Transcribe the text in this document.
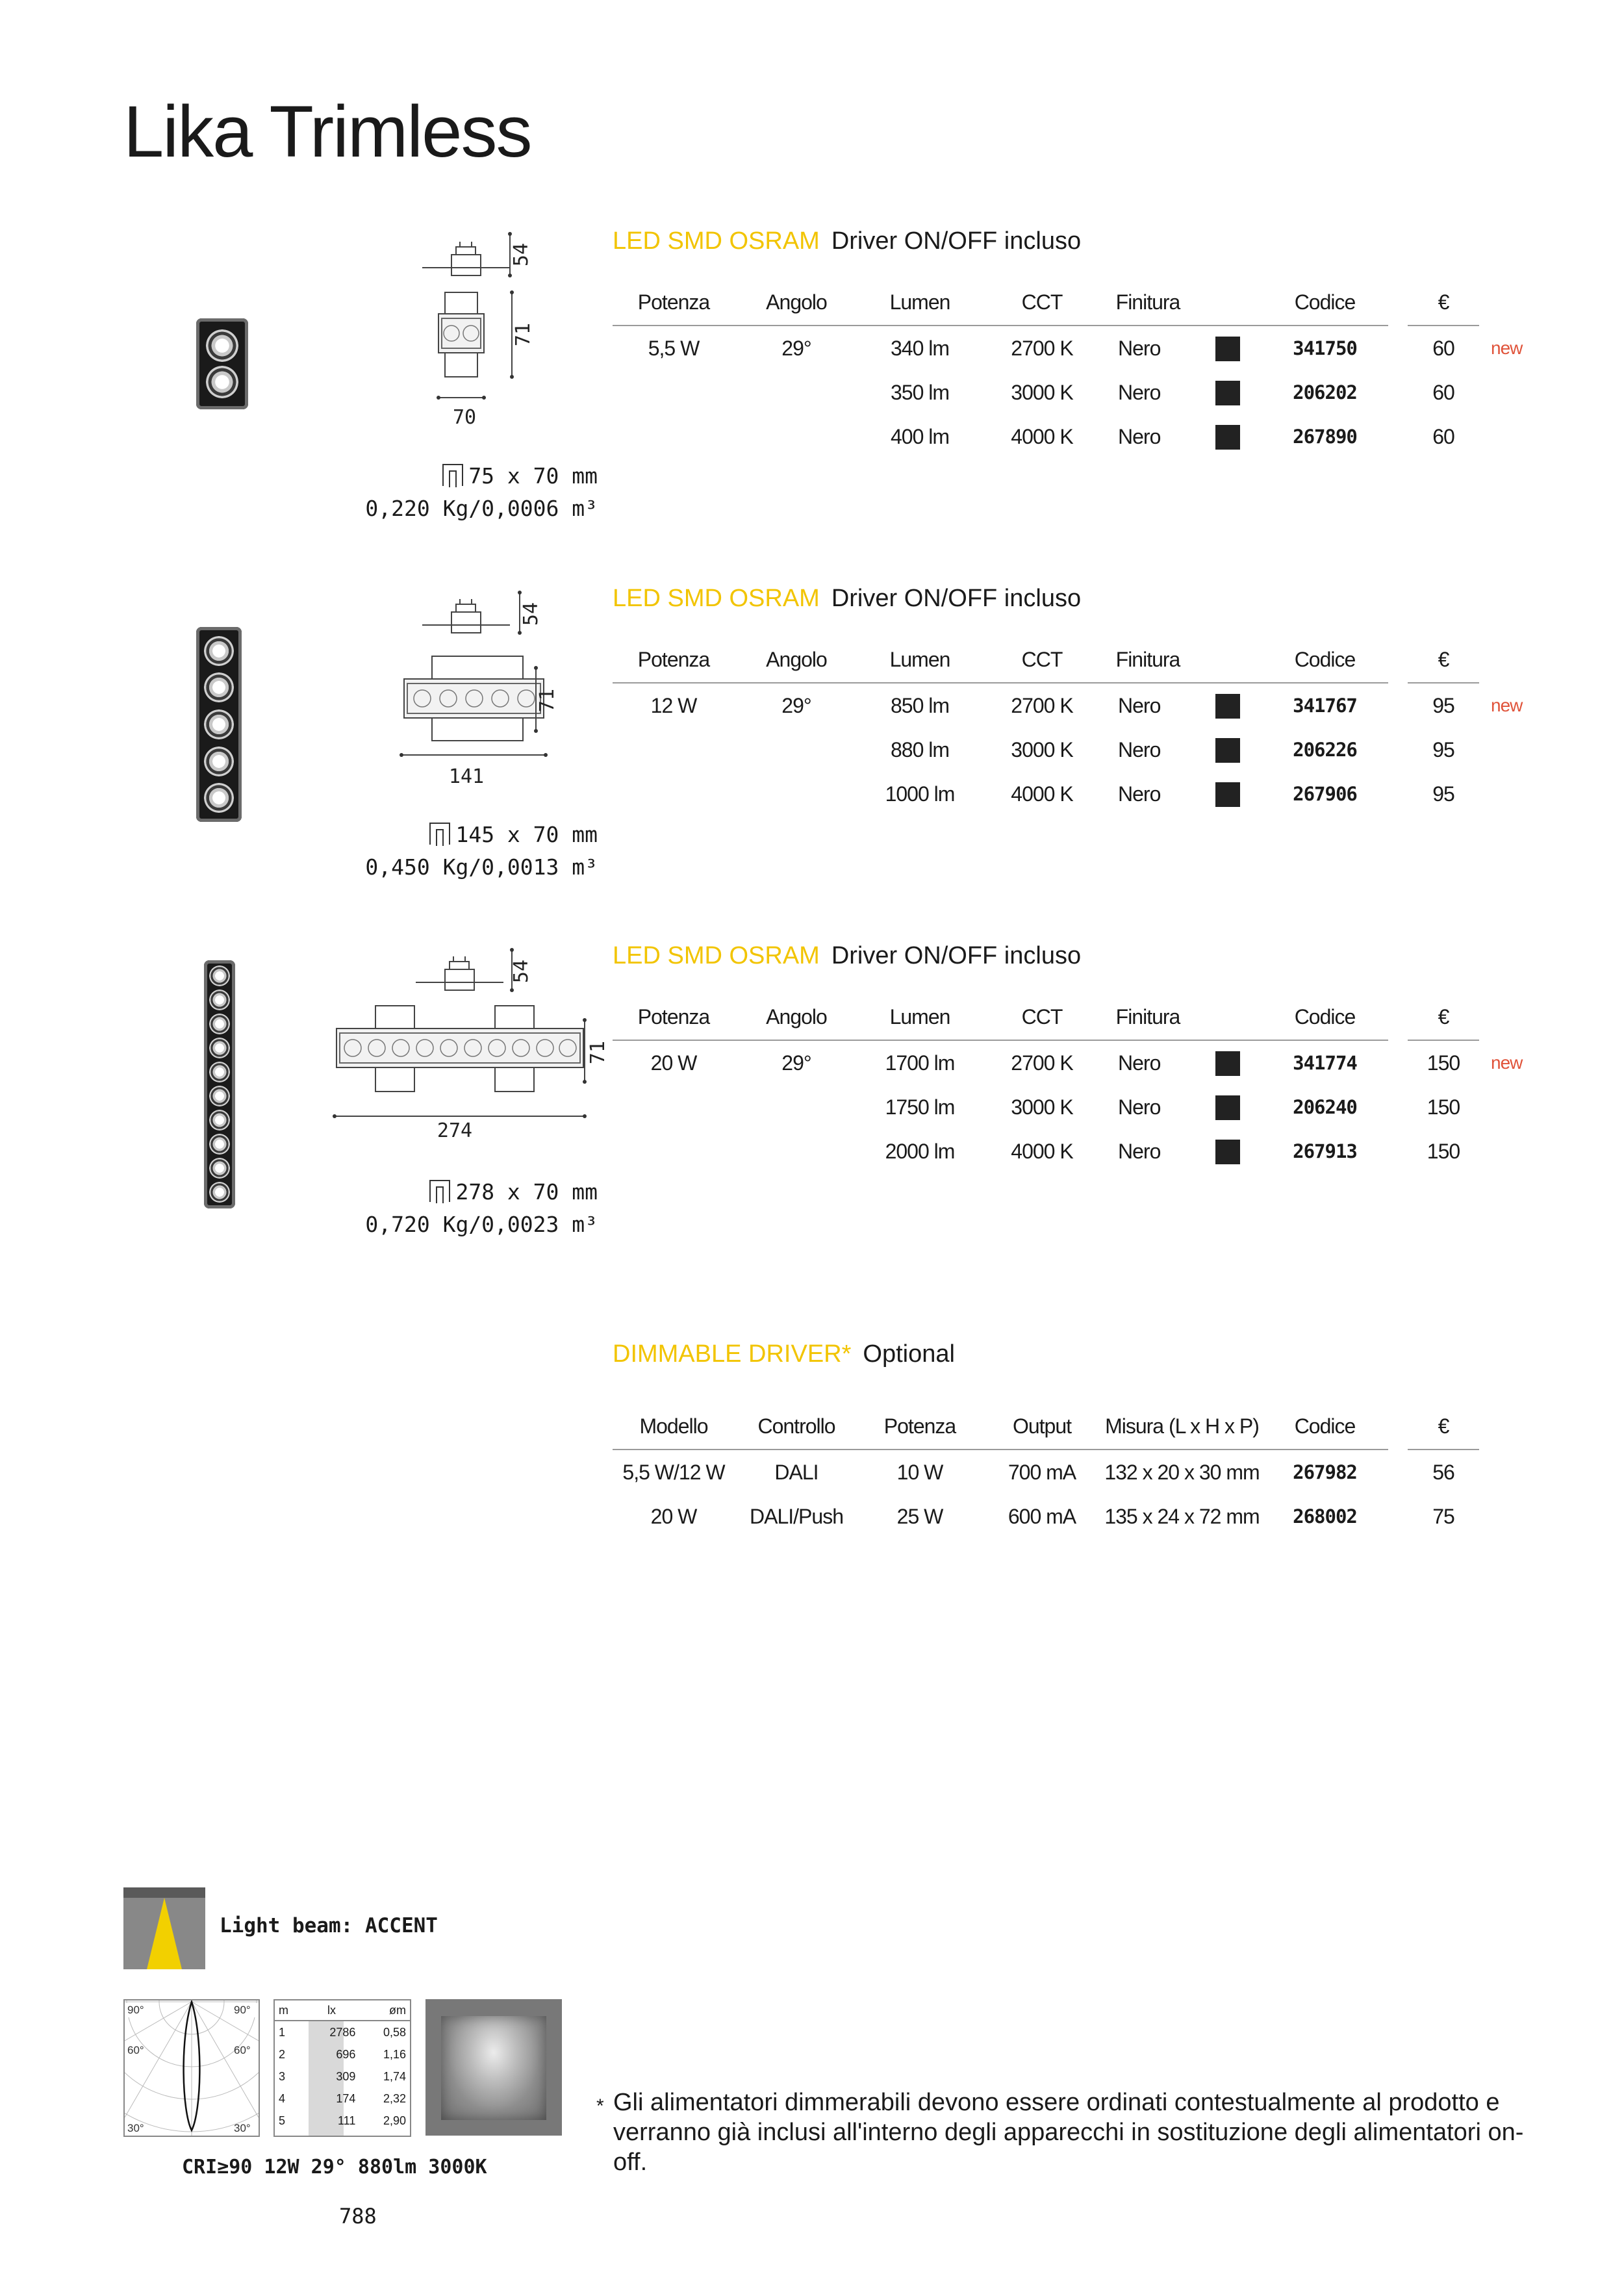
Lika Trimless
54
71
70
75 x 70 mm
0,220 Kg/0,0006 m³
LED SMD OSRAM Driver ON/OFF incluso
Potenza	Angolo	Lumen	CCT	Finitura		Codice		€	
5,5 W	29°	340 lm	2700 K	Nero		341750		60	new
		350 lm	3000 K	Nero		206202		60	
		400 lm	4000 K	Nero		267890		60	
54
71
141
145 x 70 mm
0,450 Kg/0,0013 m³
LED SMD OSRAM Driver ON/OFF incluso
Potenza	Angolo	Lumen	CCT	Finitura		Codice		€	
12 W	29°	850 lm	2700 K	Nero		341767		95	new
		880 lm	3000 K	Nero		206226		95	
		1000 lm	4000 K	Nero		267906		95	
54
71
274
278 x 70 mm
0,720 Kg/0,0023 m³
LED SMD OSRAM Driver ON/OFF incluso
Potenza	Angolo	Lumen	CCT	Finitura		Codice		€	
20 W	29°	1700 lm	2700 K	Nero		341774		150	new
		1750 lm	3000 K	Nero		206240		150	
		2000 lm	4000 K	Nero		267913		150	
DIMMABLE DRIVER* Optional
Modello	Controllo	Potenza	Output	Misura (L x H x P)	Codice		€
5,5 W/12 W	DALI	10 W	700 mA	132 x 20 x 30 mm	267982		56
20 W	DALI/Push	25 W	600 mA	135 x 24 x 72 mm	268002		75
Light beam: ACCENT
90°	90°
60°	60°
30°	30°
m	lx	øm
1	2786	0,58
2	696	1,16
3	309	1,74
4	174	2,32
5	111	2,90
CRI≥90 12W 29° 880lm 3000K
* Gli alimentatori dimmerabili devono essere ordinati contestualmente al prodotto e verranno già inclusi all'interno degli apparecchi in sostituzione degli alimentatori on-off.
788
